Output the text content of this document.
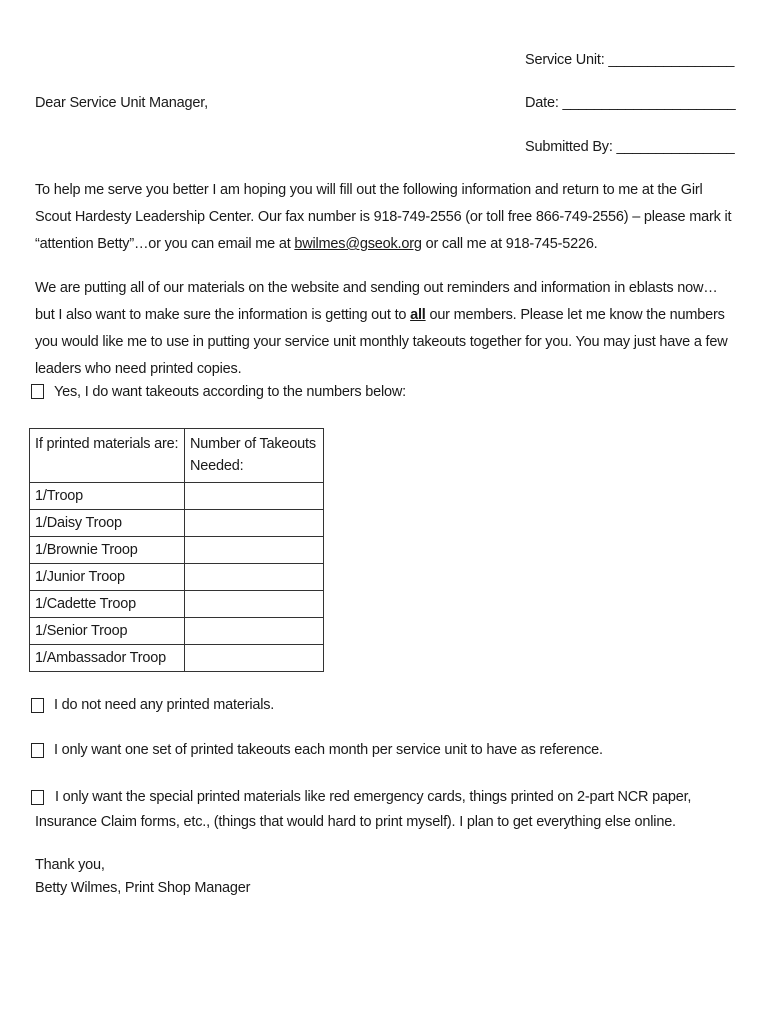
Service Unit: ________________
Dear Service Unit Manager,	Date: ______________________
Submitted By: _______________
To help me serve you better I am hoping you will fill out the following information and return to me at the Girl Scout Hardesty Leadership Center. Our fax number is 918-749-2556 (or toll free 866-749-2556) – please mark it “attention Betty”…or you can email me at bwilmes@gseok.org or call me at 918-745-5226.
We are putting all of our materials on the website and sending out reminders and information in eblasts now…but I also want to make sure the information is getting out to all our members. Please let me know the numbers you would like me to use in putting your service unit monthly takeouts together for you. You may just have a few leaders who need printed copies.
Yes, I do want takeouts according to the numbers below:
If printed materials are:	Number of Takeouts Needed:
1/Troop	
1/Daisy Troop	
1/Brownie Troop	
1/Junior Troop	
1/Cadette Troop	
1/Senior Troop	
1/Ambassador Troop	
I do not need any printed materials.
I only want one set of printed takeouts each month per service unit to have as reference.
I only want the special printed materials like red emergency cards, things printed on 2-part NCR paper, Insurance Claim forms, etc., (things that would hard to print myself). I plan to get everything else online.
Thank you,
Betty Wilmes, Print Shop Manager
